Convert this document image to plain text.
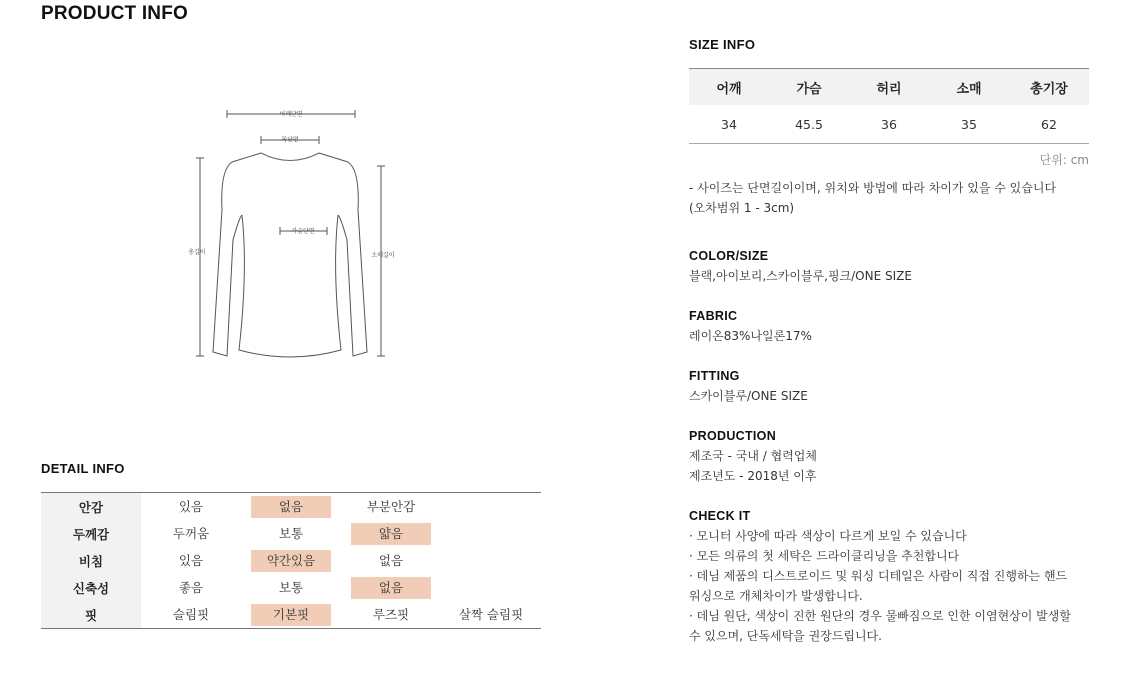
PRODUCT INFO
어깨단면
목단면
가슴단면
총길이	소매길이
DETAIL INFO
안감	있음	없음	부분안감	
두께감	두꺼움	보통	얇음	
비침	있음	약간있음	없음	
신축성	좋음	보통	없음	
핏	슬림핏	기본핏	루즈핏	살짝 슬림핏
SIZE INFO
어깨	가슴	허리	소매	총기장
34	45.5	36	35	62
단위: cm

- 사이즈는 단면길이이며, 위치와 방법에 따라 차이가 있을 수 있습니다
(오차범위 1 - 3cm)

COLOR/SIZE
블랙,아이보리,스카이블루,핑크/ONE SIZE
FABRIC
레이온83%나일론17%
FITTING
스카이블루/ONE SIZE
PRODUCTION
제조국 - 국내 / 협력업체
제조년도 - 2018년 이후
CHECK IT
· 모니터 사양에 따라 색상이 다르게 보일 수 있습니다
· 모든 의류의 첫 세탁은 드라이클리닝을 추천합니다
· 데님 제품의 디스트로이드 및 워싱 디테일은 사람이 직접 진행하는 핸드
워싱으로 개체차이가 발생합니다.
· 데님 원단, 색상이 진한 원단의 경우 물빠짐으로 인한 이염현상이 발생할
수 있으며, 단독세탁을 권장드립니다.
